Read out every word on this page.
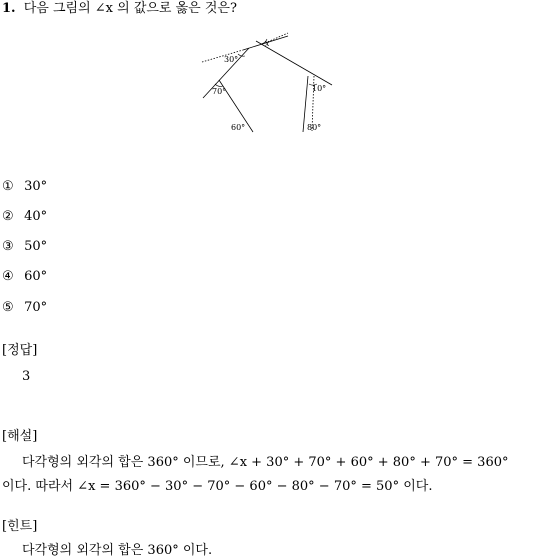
1. 다음 그림의 ∠x 의 값으로 옳은 것은?
30°
x
70°	10°
60°	80°
① 30°
② 40°
③ 50°
④ 60°
⑤ 70°
[정답]
3
[해설]
다각형의 외각의 합은 360° 이므로, ∠x + 30° + 70° + 60° + 80° + 70° = 360°
이다. 따라서 ∠x = 360° − 30° − 70° − 60° − 80° − 70° = 50° 이다.
[힌트]
다각형의 외각의 합은 360° 이다.
